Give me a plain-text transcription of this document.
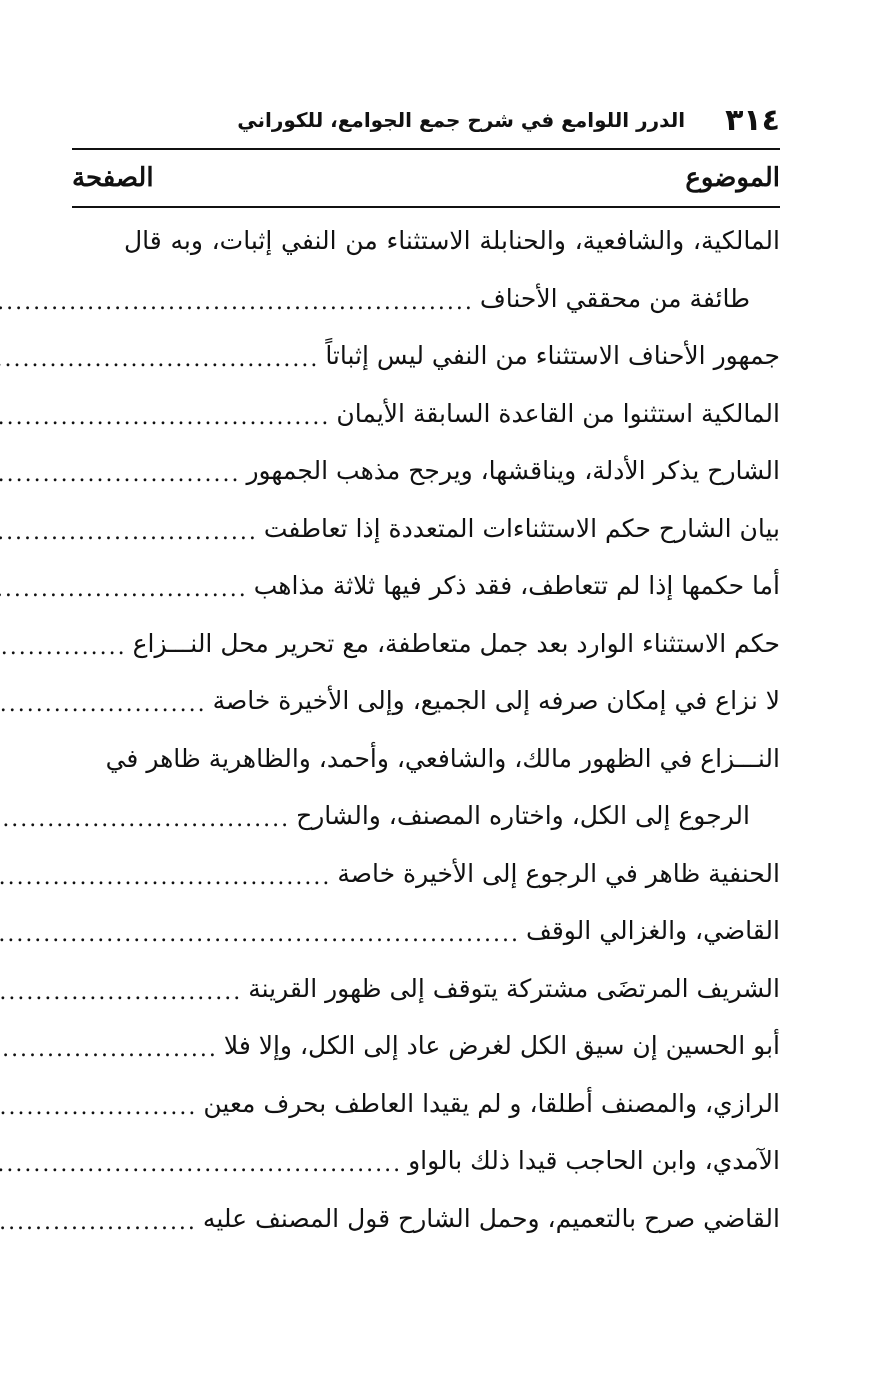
٣١٤
الدرر اللوامع في شرح جمع الجوامع، للكوراني
الموضوع
الصفحة
المالكية، والشافعية، والحنابلة الاستثناء من النفي إثبات، وبه قال
طائفة من محققي الأحناف
.....
جمهور الأحناف الاستثناء من النفي ليس إثباتاً
.....
المالكية استثنوا من القاعدة السابقة الأيمان
.....
الشارح يذكر الأدلة، ويناقشها، ويرجح مذهب الجمهور
.....
بيان الشارح حكم الاستثناءات المتعددة إذا تعاطفت
.....
أما حكمها إذا لم تتعاطف، فقد ذكر فيها ثلاثة مذاهب
.....
حكم الاستثناء الوارد بعد جمل متعاطفة، مع تحرير محل النـــزاع
.....
لا نزاع في إمكان صرفه إلى الجميع، وإلى الأخيرة خاصة
.....
النـــزاع في الظهور مالك، والشافعي، وأحمد، والظاهرية ظاهر في
الرجوع إلى الكل، واختاره المصنف، والشارح
.....
الحنفية ظاهر في الرجوع إلى الأخيرة خاصة
.....
القاضي، والغزالي الوقف
.....
الشريف المرتضَى مشتركة يتوقف إلى ظهور القرينة
.....
أبو الحسين إن سيق الكل لغرض عاد إلى الكل، وإلا فلا
.....
الرازي، والمصنف أطلقا، و لم يقيدا العاطف بحرف معين
.....
الآمدي، وابن الحاجب قيدا ذلك بالواو
.....
القاضي صرح بالتعميم، وحمل الشارح قول المصنف عليه
.....
